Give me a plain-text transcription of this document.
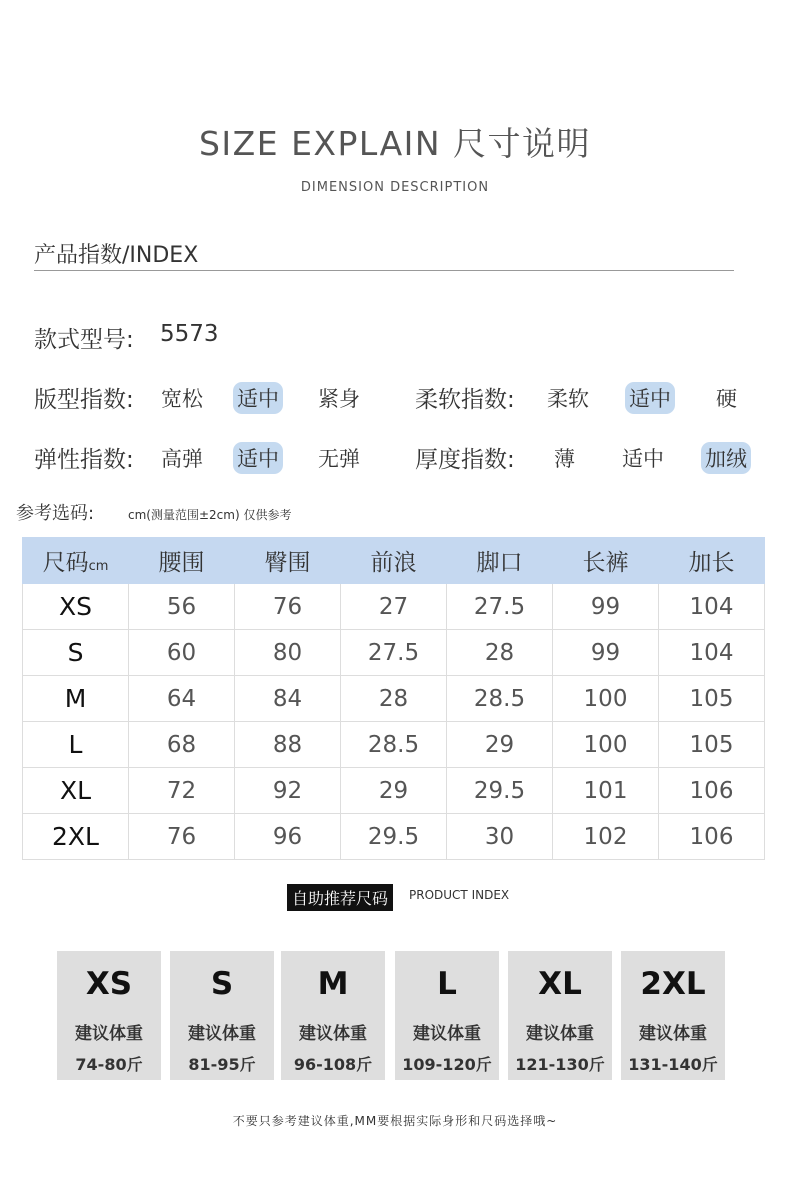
SIZE EXPLAIN 尺寸说明
DIMENSION DESCRIPTION
产品指数/INDEX
款式型号: 5573
版型指数: 宽松 适中 紧身 柔软指数: 柔软 适中 硬
弹性指数: 高弹 适中 无弹 厚度指数: 薄 适中 加绒
参考选码:	cm(测量范围±2cm) 仅供参考
尺码cm	腰围	臀围	前浪	脚口	长裤	加长
XS	56	76	27	27.5	99	104
S	60	80	27.5	28	99	104
M	64	84	28	28.5	100	105
L	68	88	28.5	29	100	105
XL	72	92	29	29.5	101	106
2XL	76	96	29.5	30	102	106
自助推荐尺码	PRODUCT INDEX
XS
建议体重
74-80斤
S
建议体重
81-95斤
M
建议体重
96-108斤
L
建议体重
109-120斤
XL
建议体重
121-130斤
2XL
建议体重
131-140斤
不要只参考建议体重,MM要根据实际身形和尺码选择哦~
